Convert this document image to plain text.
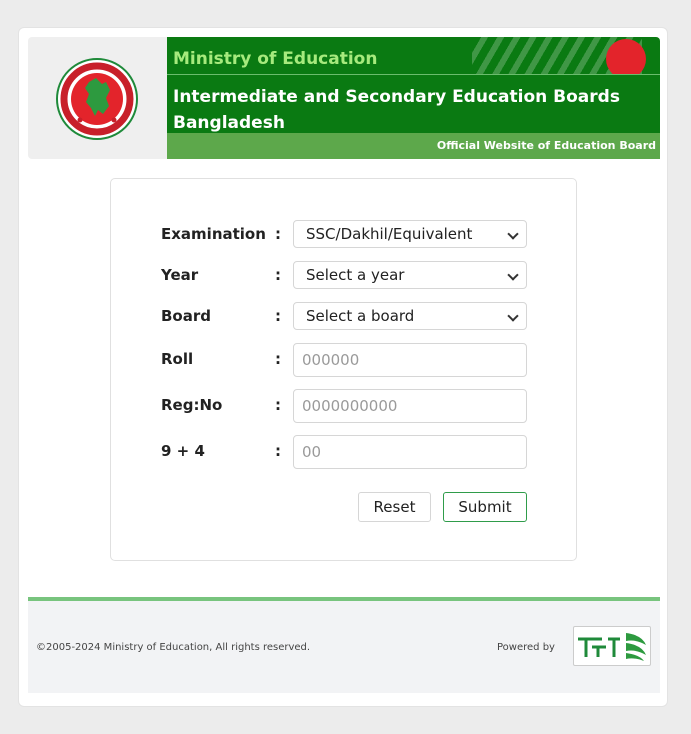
Ministry of Education
Intermediate and Secondary Education Boards
Bangladesh
Official Website of Education Board
Examination :	SSC/Dakhil/Equivalent
Year	:	Select a year
Board	:	Select a board
Roll	:
000000
Reg:No	:
0000000000
9 + 4	:
00
Reset	Submit
©2005-2024 Ministry of Education, All rights reserved.	Powered by
